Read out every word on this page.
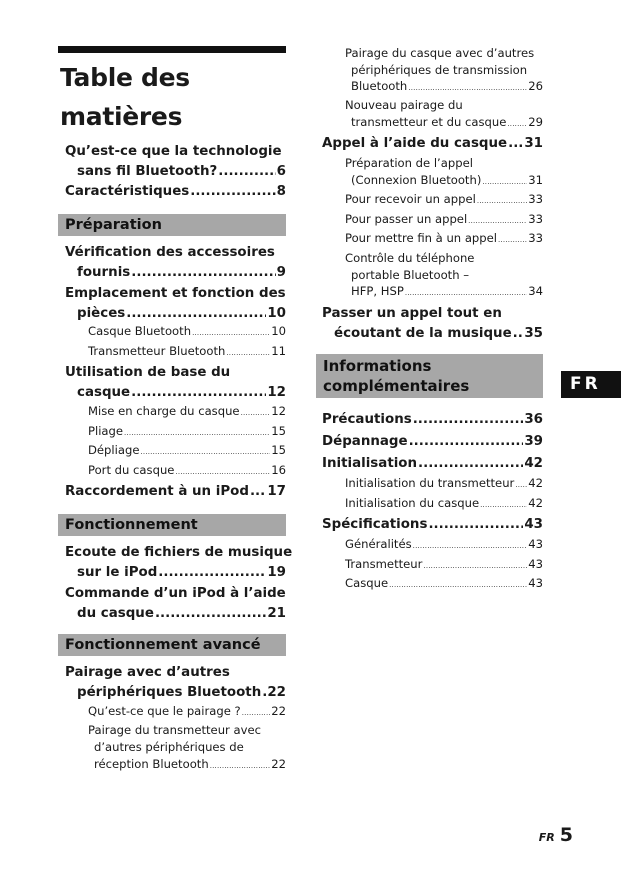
Table des
matières
Qu’est-ce que la technologie
sans fil Bluetooth? .....	6
Caractéristiques .....	8
Préparation
Vérification des accessoires
fournis .....	9
Emplacement et fonction des
pièces .....	10
Casque Bluetooth .....	10
Transmetteur Bluetooth .....	11
Utilisation de base du
casque .....	12
Mise en charge du casque .....	12
Pliage .....	15
Dépliage .....	15
Port du casque .....	16
Raccordement à un iPod ..... 17
Fonctionnement
Ecoute de fichiers de musique
sur le iPod .....	19
Commande d’un iPod à l’aide
du casque .....	21
Fonctionnement avancé
Pairage avec d’autres
périphériques Bluetooth ..... 22
Qu’est-ce que le pairage ? .....	22
Pairage du transmetteur avec
d’autres périphériques de
réception Bluetooth .....	22
Pairage du casque avec d’autres
périphériques de transmission
Bluetooth .....	26
Nouveau pairage du
transmetteur et du casque ..... 29
Appel à l’aide du casque ..... 31
Préparation de l’appel
(Connexion Bluetooth) .....	31
Pour recevoir un appel .....	33
Pour passer un appel .....	33
Pour mettre fin à un appel .....	33
Contrôle du téléphone
portable Bluetooth –
HFP, HSP .....	34
Passer un appel tout en
écoutant de la musique ..... 35
Informations
complémentaires
Précautions .....	36
Dépannage .....	39
Initialisation .....	42
Initialisation du transmetteur ..... 42
Initialisation du casque .....	42
Spécifications .....	43
Généralités .....	43
Transmetteur .....	43
Casque .....	43
FR
FR 5
